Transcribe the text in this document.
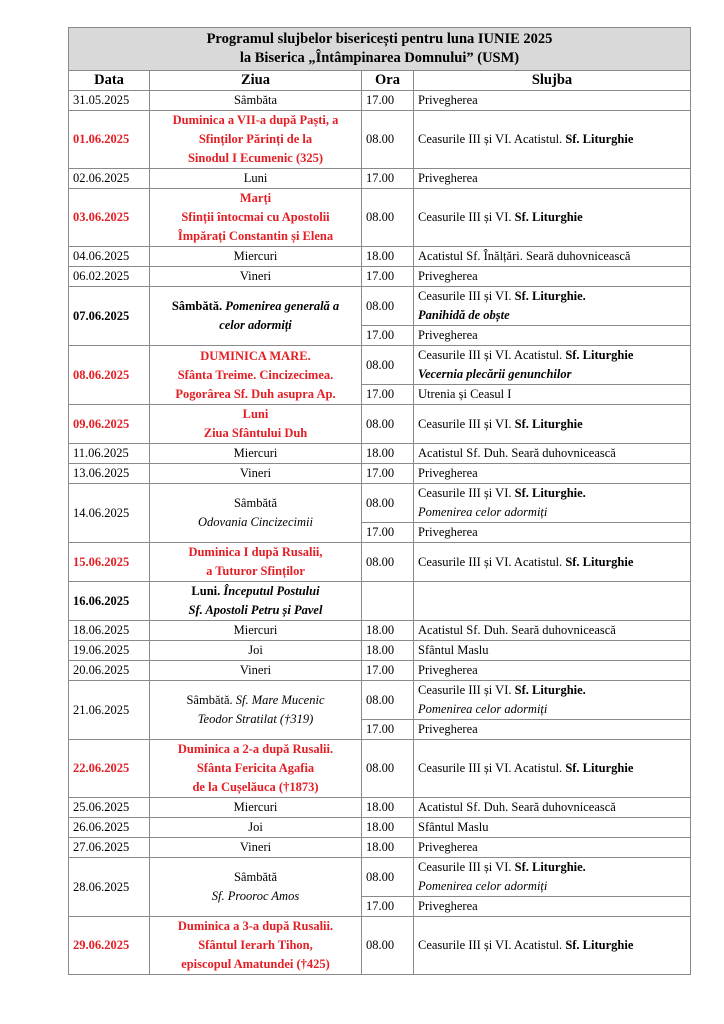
Programul slujbelor bisericești pentru luna IUNIE 2025
la Biserica „Întâmpinarea Domnului” (USM)			

Data	Ziua	Ora	Slujba
31.05.2025	Sâmbăta	17.00	Privegherea

01.06.2025	Duminica a VII-a după Paști, a
Sfinților Părinți de la
Sinodul I Ecumenic (325)	08.00	Ceasurile III și VI. Acatistul. Sf. Liturghie

02.06.2025	Luni	17.00	Privegherea

03.06.2025	Marți
Sfinții întocmai cu Apostolii
Împărați Constantin și Elena	08.00	Ceasurile III și VI. Sf. Liturghie

04.06.2025	Miercuri	18.00	Acatistul Sf. Înălțări. Seară duhovnicească

06.02.2025	Vineri	17.00	Privegherea

07.06.2025	Sâmbătă. Pomenirea generală a
celor adormiți	08.00	Ceasurile III și VI. Sf. Liturghie.
Panihidă de obște

		17.00	Privegherea

08.06.2025	DUMINICA MARE.
Sfânta Treime. Cincizecimea.
Pogorârea Sf. Duh asupra Ap.	08.00	Ceasurile III și VI. Acatistul. Sf. Liturghie
Vecernia plecării genunchilor

		17.00	Utrenia și Ceasul I

09.06.2025	Luni
Ziua Sfântului Duh	08.00	Ceasurile III și VI. Sf. Liturghie

11.06.2025	Miercuri	18.00	Acatistul Sf. Duh. Seară duhovnicească

13.06.2025	Vineri	17.00	Privegherea

14.06.2025	Sâmbătă
Odovania Cincizecimii	08.00	Ceasurile III și VI. Sf. Liturghie.
Pomenirea celor adormiți

		17.00	Privegherea

15.06.2025	Duminica I după Rusalii,
a Tuturor Sfinților	08.00	Ceasurile III și VI. Acatistul. Sf. Liturghie

16.06.2025	Luni. Începutul Postului
Sf. Apostoli Petru și Pavel		

18.06.2025	Miercuri	18.00	Acatistul Sf. Duh. Seară duhovnicească

19.06.2025	Joi	18.00	Sfântul Maslu

20.06.2025	Vineri	17.00	Privegherea

21.06.2025	Sâmbătă. Sf. Mare Mucenic
Teodor Stratilat (†319)	08.00	Ceasurile III și VI. Sf. Liturghie.
Pomenirea celor adormiți

		17.00	Privegherea

22.06.2025	Duminica a 2-a după Rusalii.
Sfânta Fericita Agafia
de la Cușelăuca (†1873)	08.00	Ceasurile III și VI. Acatistul. Sf. Liturghie

25.06.2025	Miercuri	18.00	Acatistul Sf. Duh. Seară duhovnicească

26.06.2025	Joi	18.00	Sfântul Maslu

27.06.2025	Vineri	18.00	Privegherea

28.06.2025	Sâmbătă
Sf. Prooroc Amos	08.00	Ceasurile III și VI. Sf. Liturghie.
Pomenirea celor adormiți

		17.00	Privegherea

29.06.2025	Duminica a 3-a după Rusalii.
Sfântul Ierarh Tihon,
episcopul Amatundei (†425)	08.00	Ceasurile III și VI. Acatistul. Sf. Liturghie
